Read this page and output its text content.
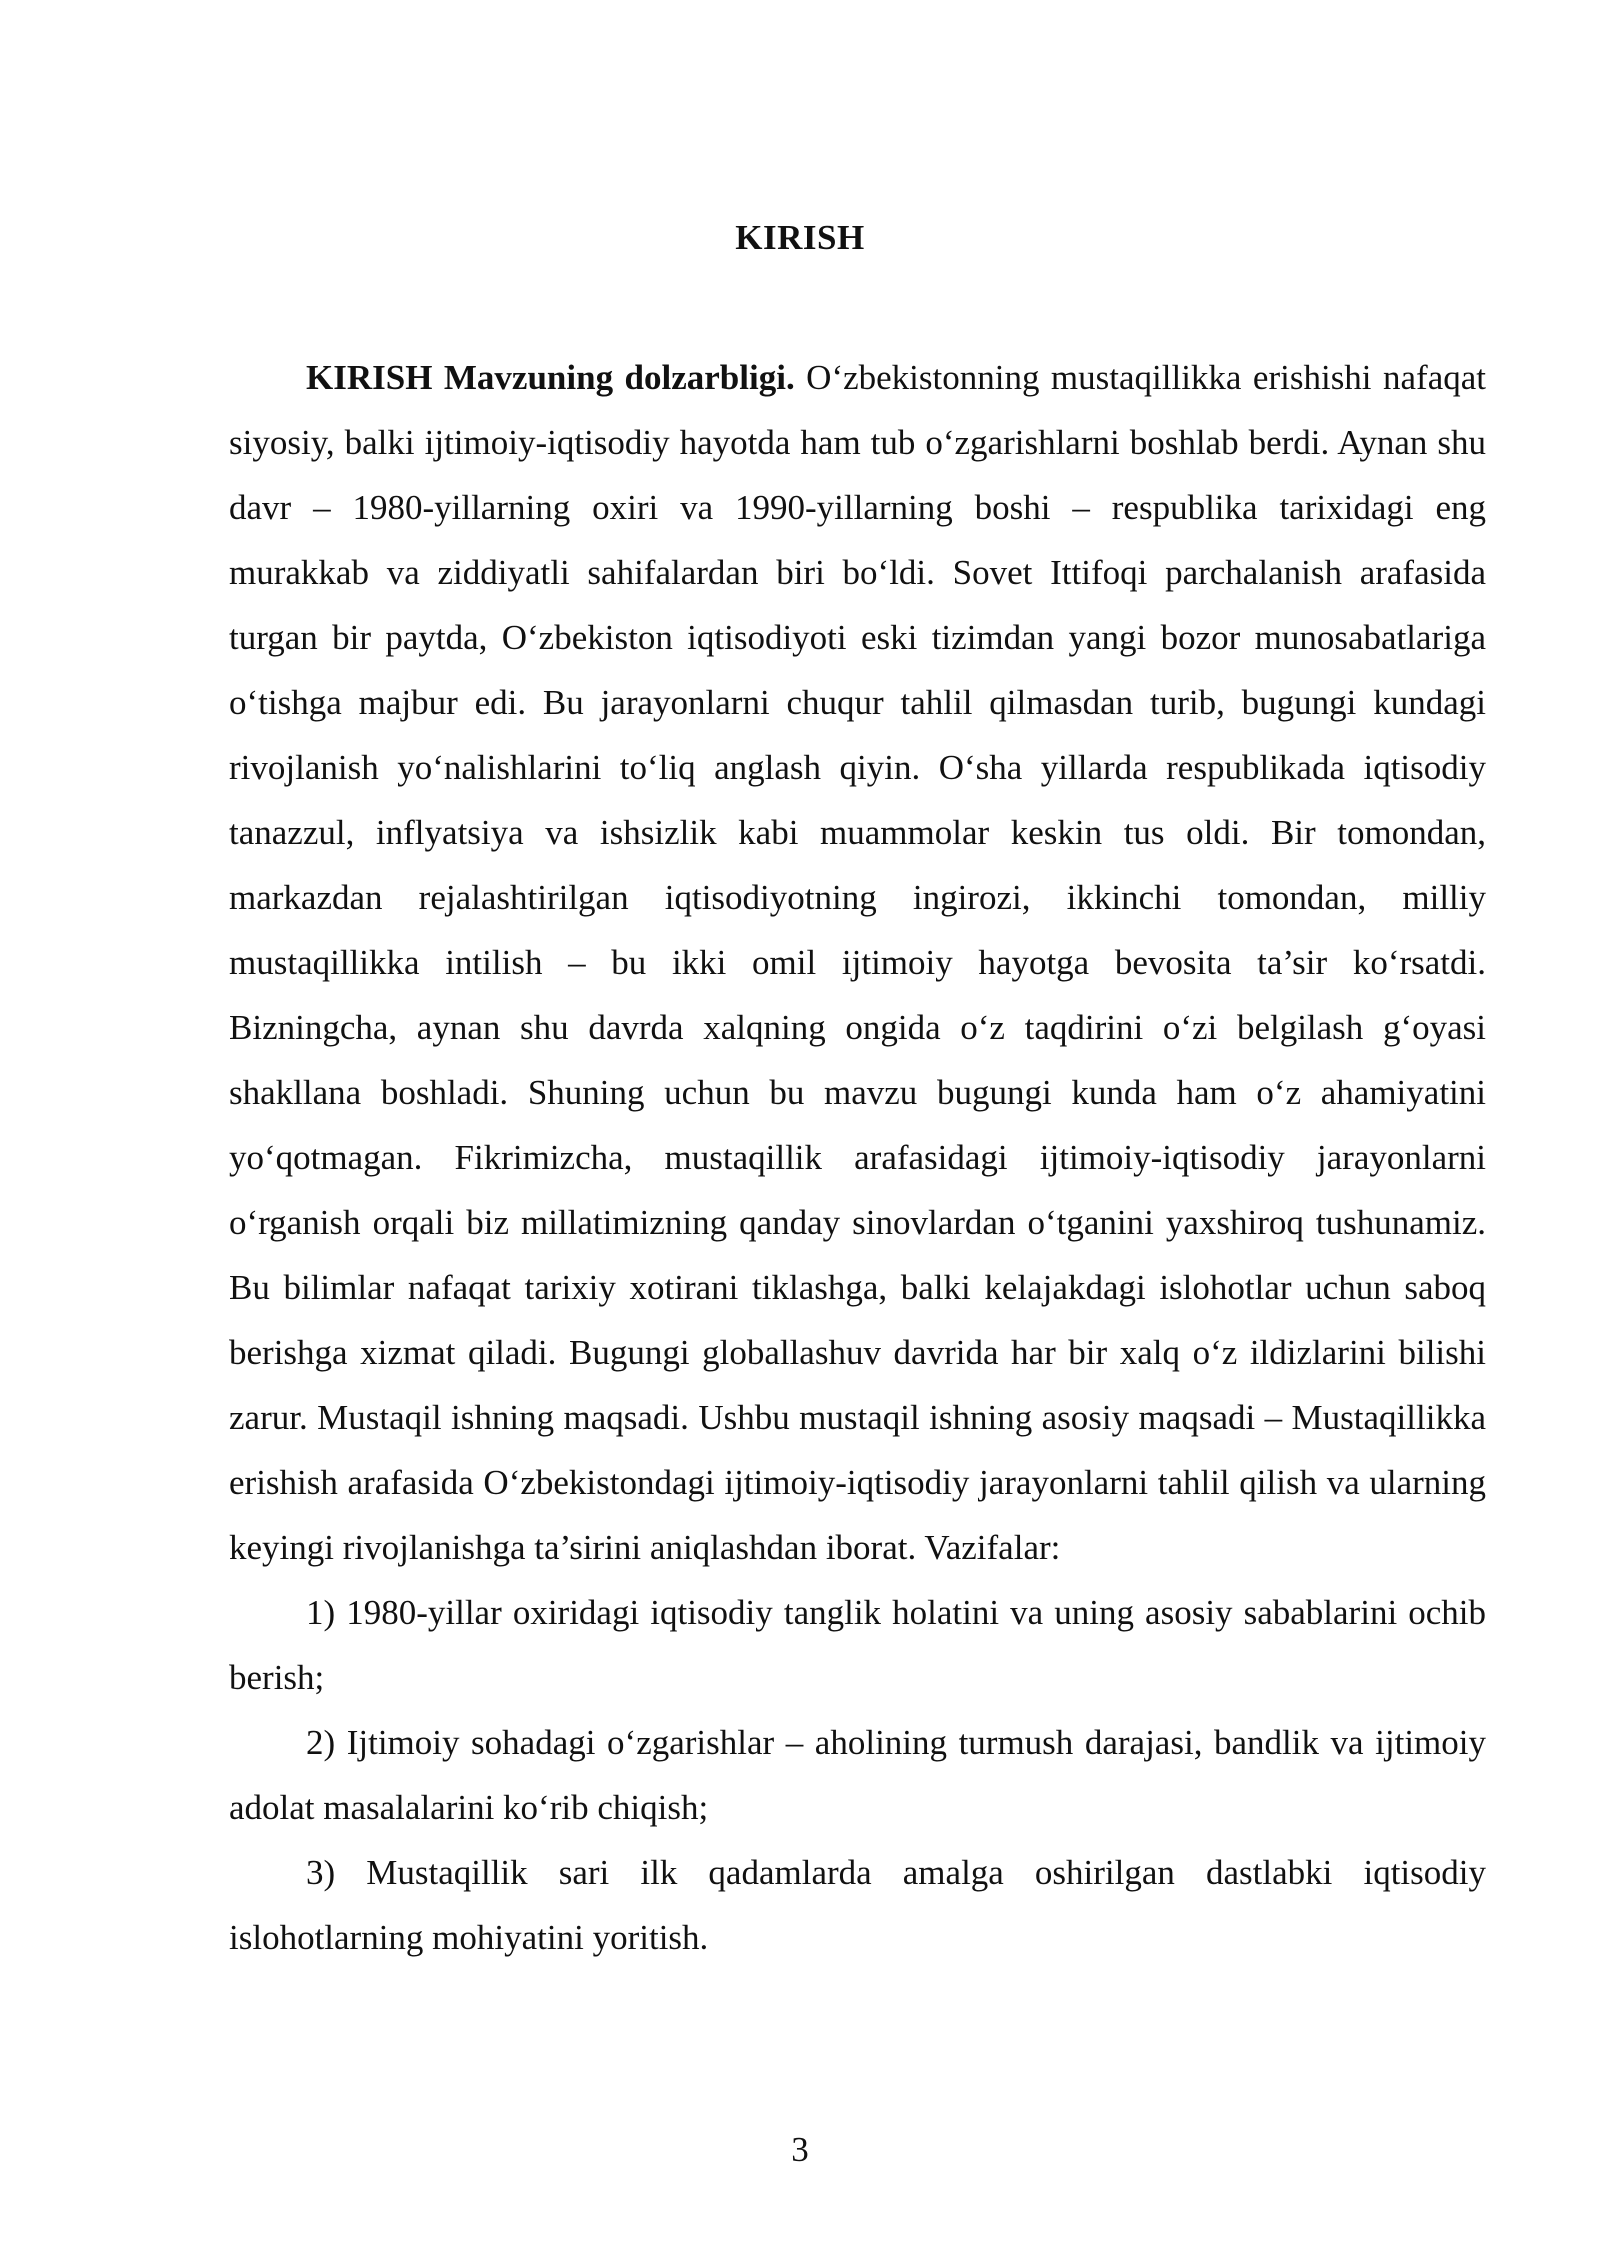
KIRISH

KIRISH Mavzuning dolzarbligi. O‘zbekistonning mustaqillikka erishishi nafaqat siyosiy, balki ijtimoiy-iqtisodiy hayotda ham tub o‘zgarishlarni boshlab berdi. Aynan shu davr – 1980-yillarning oxiri va 1990-yillarning boshi – respublika tarixidagi eng murakkab va ziddiyatli sahifalardan biri bo‘ldi. Sovet Ittifoqi parchalanish arafasida turgan bir paytda, O‘zbekiston iqtisodiyoti eski tizimdan yangi bozor munosabatlariga o‘tishga majbur edi. Bu jarayonlarni chuqur tahlil qilmasdan turib, bugungi kundagi rivojlanish yo‘nalishlarini to‘liq anglash qiyin. O‘sha yillarda respublikada iqtisodiy tanazzul, inflyatsiya va ishsizlik kabi muammolar keskin tus oldi. Bir tomondan, markazdan rejalashtirilgan iqtisodiyotning ingirozi, ikkinchi tomondan, milliy mustaqillikka intilish – bu ikki omil ijtimoiy hayotga bevosita ta’sir ko‘rsatdi. Bizningcha, aynan shu davrda xalqning ongida o‘z taqdirini o‘zi belgilash g‘oyasi shakllana boshladi. Shuning uchun bu mavzu bugungi kunda ham o‘z ahamiyatini yo‘qotmagan. Fikrimizcha, mustaqillik arafasidagi ijtimoiy-iqtisodiy jarayonlarni o‘rganish orqali biz millatimizning qanday sinovlardan o‘tganini yaxshiroq tushunamiz. Bu bilimlar nafaqat tarixiy xotirani tiklashga, balki kelajakdagi islohotlar uchun saboq berishga xizmat qiladi. Bugungi globallashuv davrida har bir xalq o‘z ildizlarini bilishi zarur. Mustaqil ishning maqsadi. Ushbu mustaqil ishning asosiy maqsadi – Mustaqillikka erishish arafasida O‘zbekistondagi ijtimoiy-iqtisodiy jarayonlarni tahlil qilish va ularning keyingi rivojlanishga ta’sirini aniqlashdan iborat. Vazifalar:

1) 1980-yillar oxiridagi iqtisodiy tanglik holatini va uning asosiy sabablarini ochib berish;

2) Ijtimoiy sohadagi o‘zgarishlar – aholining turmush darajasi, bandlik va ijtimoiy adolat masalalarini ko‘rib chiqish;

3) Mustaqillik sari ilk qadamlarda amalga oshirilgan dastlabki iqtisodiy islohotlarning mohiyatini yoritish.

3
